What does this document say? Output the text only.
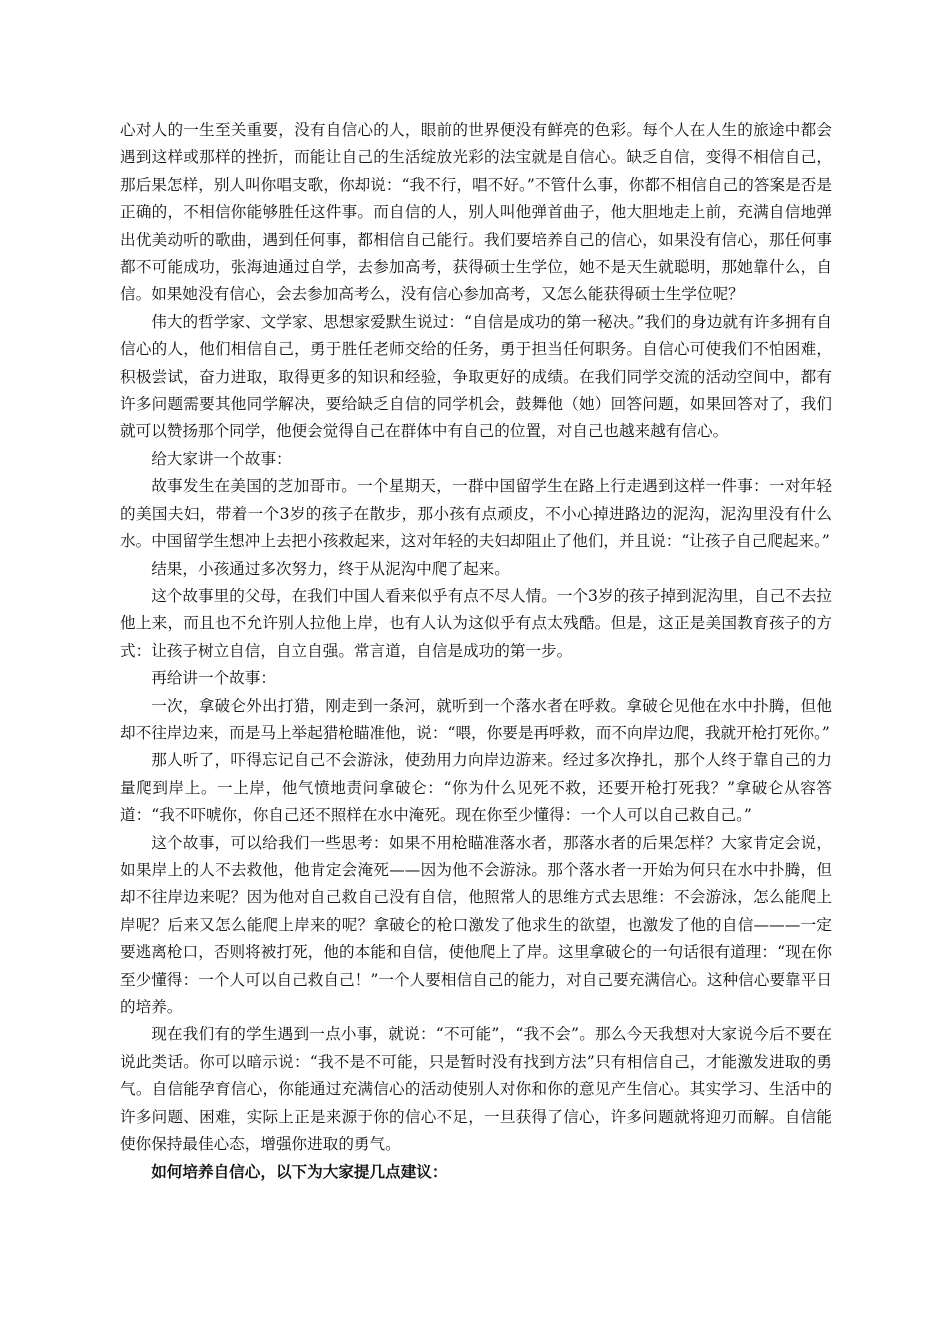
心对人的一生至关重要，没有自信心的人，眼前的世界便没有鲜亮的色彩。每个人在人生的旅途中都会遇到这样或那样的挫折，而能让自己的生活绽放光彩的法宝就是自信心。缺乏自信，变得不相信自己，那后果怎样，别人叫你唱支歌，你却说：“我不行，唱不好。”不管什么事，你都不相信自己的答案是否是正确的，不相信你能够胜任这件事。而自信的人，别人叫他弹首曲子，他大胆地走上前，充满自信地弹出优美动听的歌曲，遇到任何事，都相信自己能行。我们要培养自己的信心，如果没有信心，那任何事都不可能成功，张海迪通过自学，去参加高考，获得硕士生学位，她不是天生就聪明，那她靠什么，自信。如果她没有信心，会去参加高考么，没有信心参加高考，又怎么能获得硕士生学位呢？

伟大的哲学家、文学家、思想家爱默生说过：“自信是成功的第一秘决。”我们的身边就有许多拥有自信心的人，他们相信自己，勇于胜任老师交给的任务，勇于担当任何职务。自信心可使我们不怕困难，积极尝试，奋力进取，取得更多的知识和经验，争取更好的成绩。在我们同学交流的活动空间中，都有许多问题需要其他同学解决，要给缺乏自信的同学机会，鼓舞他（她）回答问题，如果回答对了，我们就可以赞扬那个同学，他便会觉得自己在群体中有自己的位置，对自己也越来越有信心。

给大家讲一个故事：

故事发生在美国的芝加哥市。一个星期天，一群中国留学生在路上行走遇到这样一件事：一对年轻的美国夫妇，带着一个3岁的孩子在散步，那小孩有点顽皮，不小心掉进路边的泥沟，泥沟里没有什么水。中国留学生想冲上去把小孩救起来，这对年轻的夫妇却阻止了他们，并且说：“让孩子自己爬起来。”

结果，小孩通过多次努力，终于从泥沟中爬了起来。

这个故事里的父母，在我们中国人看来似乎有点不尽人情。一个3岁的孩子掉到泥沟里，自己不去拉他上来，而且也不允许别人拉他上岸，也有人认为这似乎有点太残酷。但是，这正是美国教育孩子的方式：让孩子树立自信，自立自强。常言道，自信是成功的第一步。

再给讲一个故事：

一次，拿破仑外出打猎，刚走到一条河，就听到一个落水者在呼救。拿破仑见他在水中扑腾，但他却不往岸边来，而是马上举起猎枪瞄准他，说：“喂，你要是再呼救，而不向岸边爬，我就开枪打死你。”

那人听了，吓得忘记自己不会游泳，使劲用力向岸边游来。经过多次挣扎，那个人终于靠自己的力量爬到岸上。一上岸，他气愤地责问拿破仑：“你为什么见死不救，还要开枪打死我？”拿破仑从容答道：“我不吓唬你，你自己还不照样在水中淹死。现在你至少懂得：一个人可以自己救自己。”

这个故事，可以给我们一些思考：如果不用枪瞄准落水者，那落水者的后果怎样？大家肯定会说，如果岸上的人不去救他，他肯定会淹死——因为他不会游泳。那个落水者一开始为何只在水中扑腾，但却不往岸边来呢？因为他对自己救自己没有自信，他照常人的思维方式去思维：不会游泳，怎么能爬上岸呢？后来又怎么能爬上岸来的呢？拿破仑的枪口激发了他求生的欲望，也激发了他的自信———一定要逃离枪口，否则将被打死，他的本能和自信，使他爬上了岸。这里拿破仑的一句话很有道理：“现在你至少懂得：一个人可以自己救自己！”一个人要相信自己的能力，对自己要充满信心。这种信心要靠平日的培养。

现在我们有的学生遇到一点小事，就说：“不可能”，“我不会”。那么今天我想对大家说今后不要在说此类话。你可以暗示说：“我不是不可能，只是暂时没有找到方法”只有相信自己，才能激发进取的勇气。自信能孕育信心，你能通过充满信心的活动使别人对你和你的意见产生信心。其实学习、生活中的许多问题、困难，实际上正是来源于你的信心不足，一旦获得了信心，许多问题就将迎刃而解。自信能使你保持最佳心态，增强你进取的勇气。

如何培养自信心，以下为大家提几点建议：
